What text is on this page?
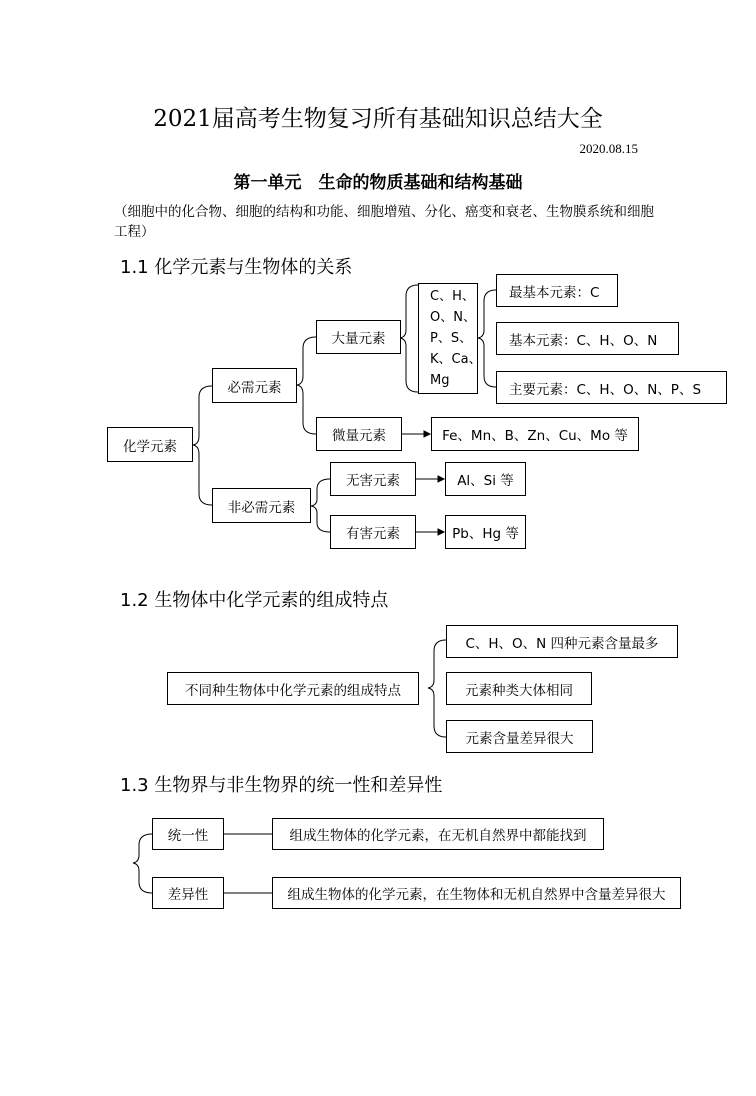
2021届高考生物复习所有基础知识总结大全
2020.08.15
第一单元　生命的物质基础和结构基础
（细胞中的化合物、细胞的结构和功能、细胞增殖、分化、癌变和衰老、生物膜系统和细胞工程）
1.1 化学元素与生物体的关系
化学元素
必需元素
非必需元素
大量元素
微量元素
无害元素
有害元素
C、H、
O、N、
P、S、
K、Ca、
Mg
最基本元素：C
基本元素：C、H、O、N
主要元素：C、H、O、N、P、S
Fe、Mn、B、Zn、Cu、Mo 等
Al、Si 等
Pb、Hg 等
1.2 生物体中化学元素的组成特点
不同种生物体中化学元素的组成特点
C、H、O、N 四种元素含量最多
元素种类大体相同
元素含量差异很大
1.3 生物界与非生物界的统一性和差异性
统一性	组成生物体的化学元素，在无机自然界中都能找到
差异性	组成生物体的化学元素，在生物体和无机自然界中含量差异很大
